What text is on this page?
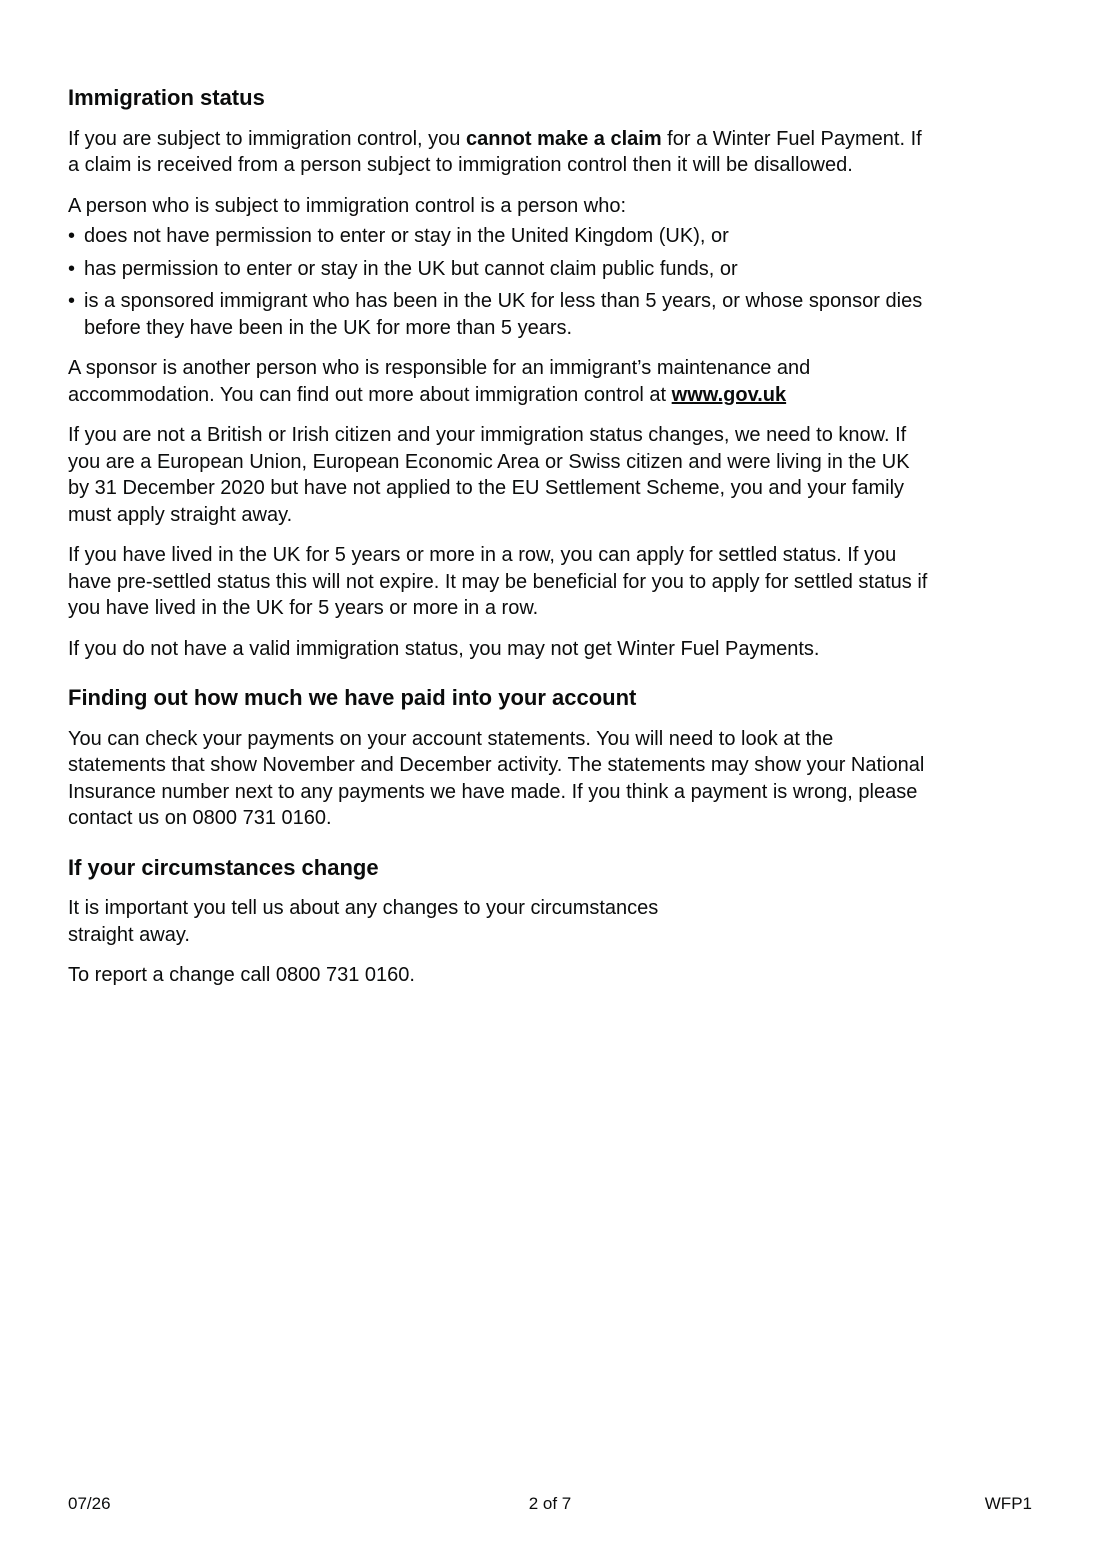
Immigration status

If you are subject to immigration control, you cannot make a claim for a Winter Fuel Payment. If a claim is received from a person subject to immigration control then it will be disallowed.

A person who is subject to immigration control is a person who:

• does not have permission to enter or stay in the United Kingdom (UK), or
• has permission to enter or stay in the UK but cannot claim public funds, or
• is a sponsored immigrant who has been in the UK for less than 5 years, or whose sponsor dies before they have been in the UK for more than 5 years.

A sponsor is another person who is responsible for an immigrant’s maintenance and accommodation. You can find out more about immigration control at www.gov.uk

If you are not a British or Irish citizen and your immigration status changes, we need to know. If you are a European Union, European Economic Area or Swiss citizen and were living in the UK by 31 December 2020 but have not applied to the EU Settlement Scheme, you and your family must apply straight away.

If you have lived in the UK for 5 years or more in a row, you can apply for settled status. If you have pre-settled status this will not expire. It may be beneficial for you to apply for settled status if you have lived in the UK for 5 years or more in a row.

If you do not have a valid immigration status, you may not get Winter Fuel Payments.

Finding out how much we have paid into your account

You can check your payments on your account statements. You will need to look at the statements that show November and December activity. The statements may show your National Insurance number next to any payments we have made. If you think a payment is wrong, please contact us on 0800 731 0160.

If your circumstances change

It is important you tell us about any changes to your circumstances
straight away.

To report a change call 0800 731 0160.

07/26	2 of 7	WFP1
